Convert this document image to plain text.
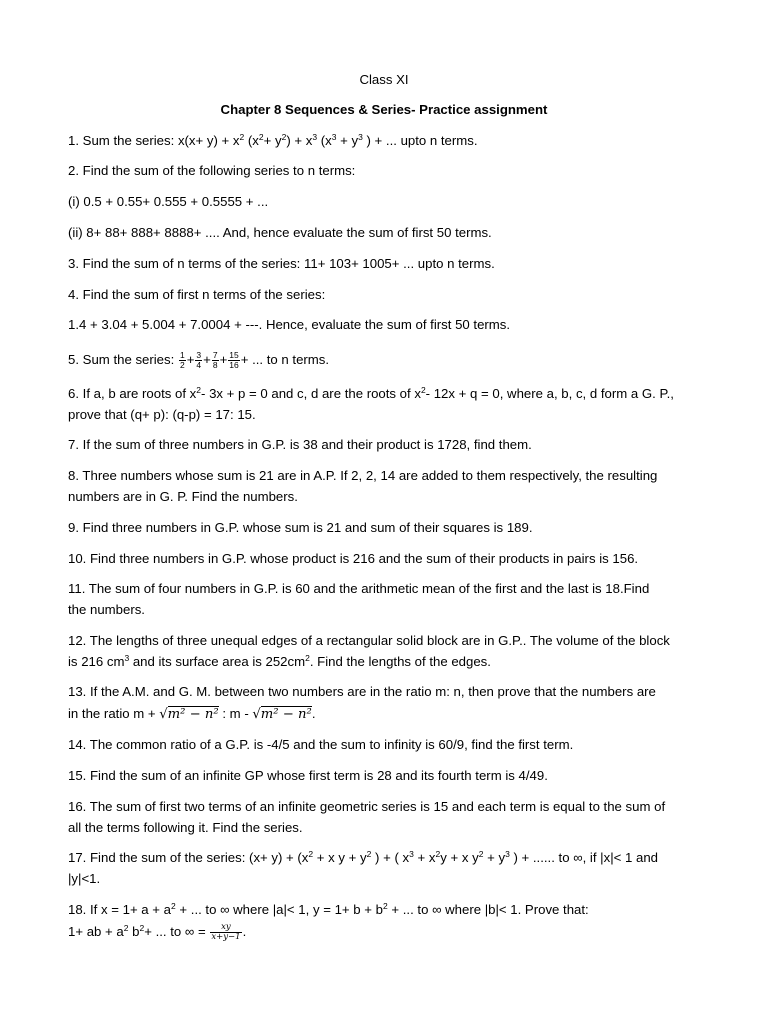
Class XI

Chapter 8 Sequences & Series- Practice assignment

1. Sum the series: $x(x+ y) + x^2$ $(x^2+ y^2) + x^3$ ($x^3 + y^3$ ) + ... upto n terms.

2. Find the sum of the following series to n terms:

(i) 0.5 + 0.55+ 0.555 + 0.5555 + ...

(ii) 8+ 88+ 888+ 8888+ .... And, hence evaluate the sum of first 50 terms.

3. Find the sum of n terms of the series: 11+ 103+ 1005+ ... upto n terms.

4. Find the sum of first n terms of the series:

1.4 + 3.04 + 5.004 + 7.0004 + ---. Hence, evaluate the sum of first 50 terms.

5. Sum the series: $\frac{1}{2} + \frac{3}{4} + \frac{7}{8} + \frac{15}{16}$ + ... to n terms.

6. If a, b are roots of $x^2-$ 3x + p = 0 and c, d are the roots of $x^2-$ 12x + q = 0, where a, b, c, d form a G. P.,

prove that (q+ p): (q-p) = 17: 15.

7. If the sum of three numbers in G.P. is 38 and their product is 1728, find them.

8. Three numbers whose sum is 21 are in A.P. If 2, 2, 14 are added to them respectively, the resulting

numbers are in G. P. Find the numbers.

9. Find three numbers in G.P. whose sum is 21 and sum of their squares is 189.

10. Find three numbers in G.P. whose product is 216 and the sum of their products in pairs is 156.

11. The sum of four numbers in G.P. is 60 and the arithmetic mean of the first and the last is 18.Find

the numbers.

12. The lengths of three unequal edges of a rectangular solid block are in G.P.. The volume of the block

is 216 $cm^3$ and its surface area is $252cm^2$. Find the lengths of the edges.

13. If the A.M. and G. M. between two numbers are in the ratio m: n, then prove that the numbers are

in the ratio m + √m² − n² : m - √m² − n².

14. The common ratio of a G.P. is -4/5 and the sum to infinity is 60/9, find the first term.

15. Find the sum of an infinite GP whose first term is 28 and its fourth term is 4/49.

16. The sum of first two terms of an infinite geometric series is 15 and each term is equal to the sum of

all the terms following it. Find the series.

17. Find the sum of the series: $(x+ y) + (x^2 + x$ $y + y^2$ ) + ( $x^3 + x^2y + x$ $y^2 + y^3$ ) + ...... to ∞, if |x|< 1 and

|y|<1.

18. If $x = 1+ a + a^2$ + ... to ∞ where |a|< 1, $y = 1+ b + b^2$ + ... to ∞ where |b|< 1. Prove that:

1+ ab + $a^2$ $b^2+$ ... to ∞ = $\frac{xy}{x+y-1}$ .
